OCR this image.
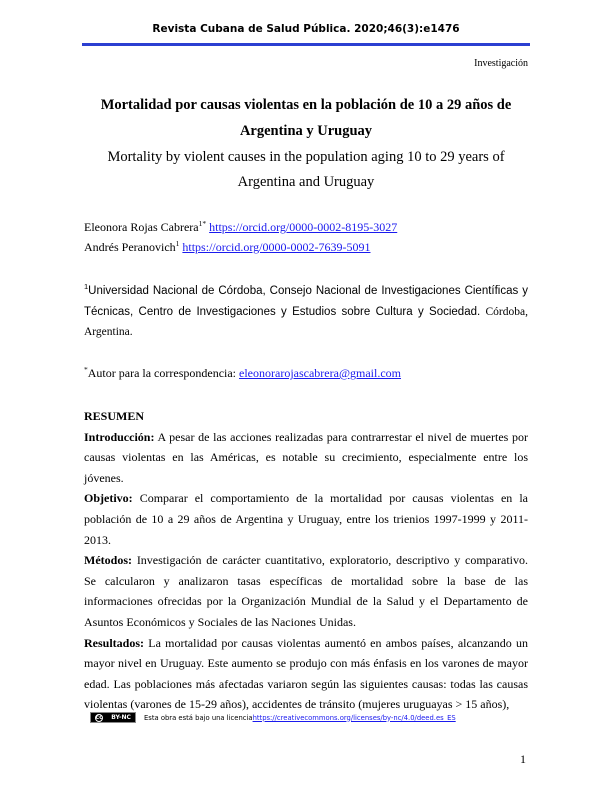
Revista Cubana de Salud Pública. 2020;46(3):e1476
Investigación
Mortalidad por causas violentas en la población de 10 a 29 años de Argentina y Uruguay
Mortality by violent causes in the population aging 10 to 29 years of Argentina and Uruguay
Eleonora Rojas Cabrera$^{1*}$ https://orcid.org/0000-0002-8195-3027
Andrés Peranovich$^1$ https://orcid.org/0000-0002-7639-5091
$^1$Universidad Nacional de Córdoba, Consejo Nacional de Investigaciones Científicas y Técnicas, Centro de Investigaciones y Estudios sobre Cultura y Sociedad. Córdoba, Argentina.
*Autor para la correspondencia: eleonorarojascabrera@gmail.com
RESUMEN

Introducción: A pesar de las acciones realizadas para contrarrestar el nivel de muertes por causas violentas en las Américas, es notable su crecimiento, especialmente entre los jóvenes.

Objetivo: Comparar el comportamiento de la mortalidad por causas violentas en la población de 10 a 29 años de Argentina y Uruguay, entre los trienios 1997-1999 y 2011-2013.

Métodos: Investigación de carácter cuantitativo, exploratorio, descriptivo y comparativo. Se calcularon y analizaron tasas específicas de mortalidad sobre la base de las informaciones ofrecidas por la Organización Mundial de la Salud y el Departamento de Asuntos Económicos y Sociales de las Naciones Unidas.

Resultados: La mortalidad por causas violentas aumentó en ambos países, alcanzando un mayor nivel en Uruguay. Este aumento se produjo con más énfasis en los varones de mayor edad. Las poblaciones más afectadas variaron según las siguientes causas: todas las causas violentas (varones de 15-29 años), accidentes de tránsito (mujeres uruguayas > 15 años),

cc BY-NC Esta obra está bajo una licencia https://creativecommons.org/licenses/by-nc/4.0/deed.es_ES
1
